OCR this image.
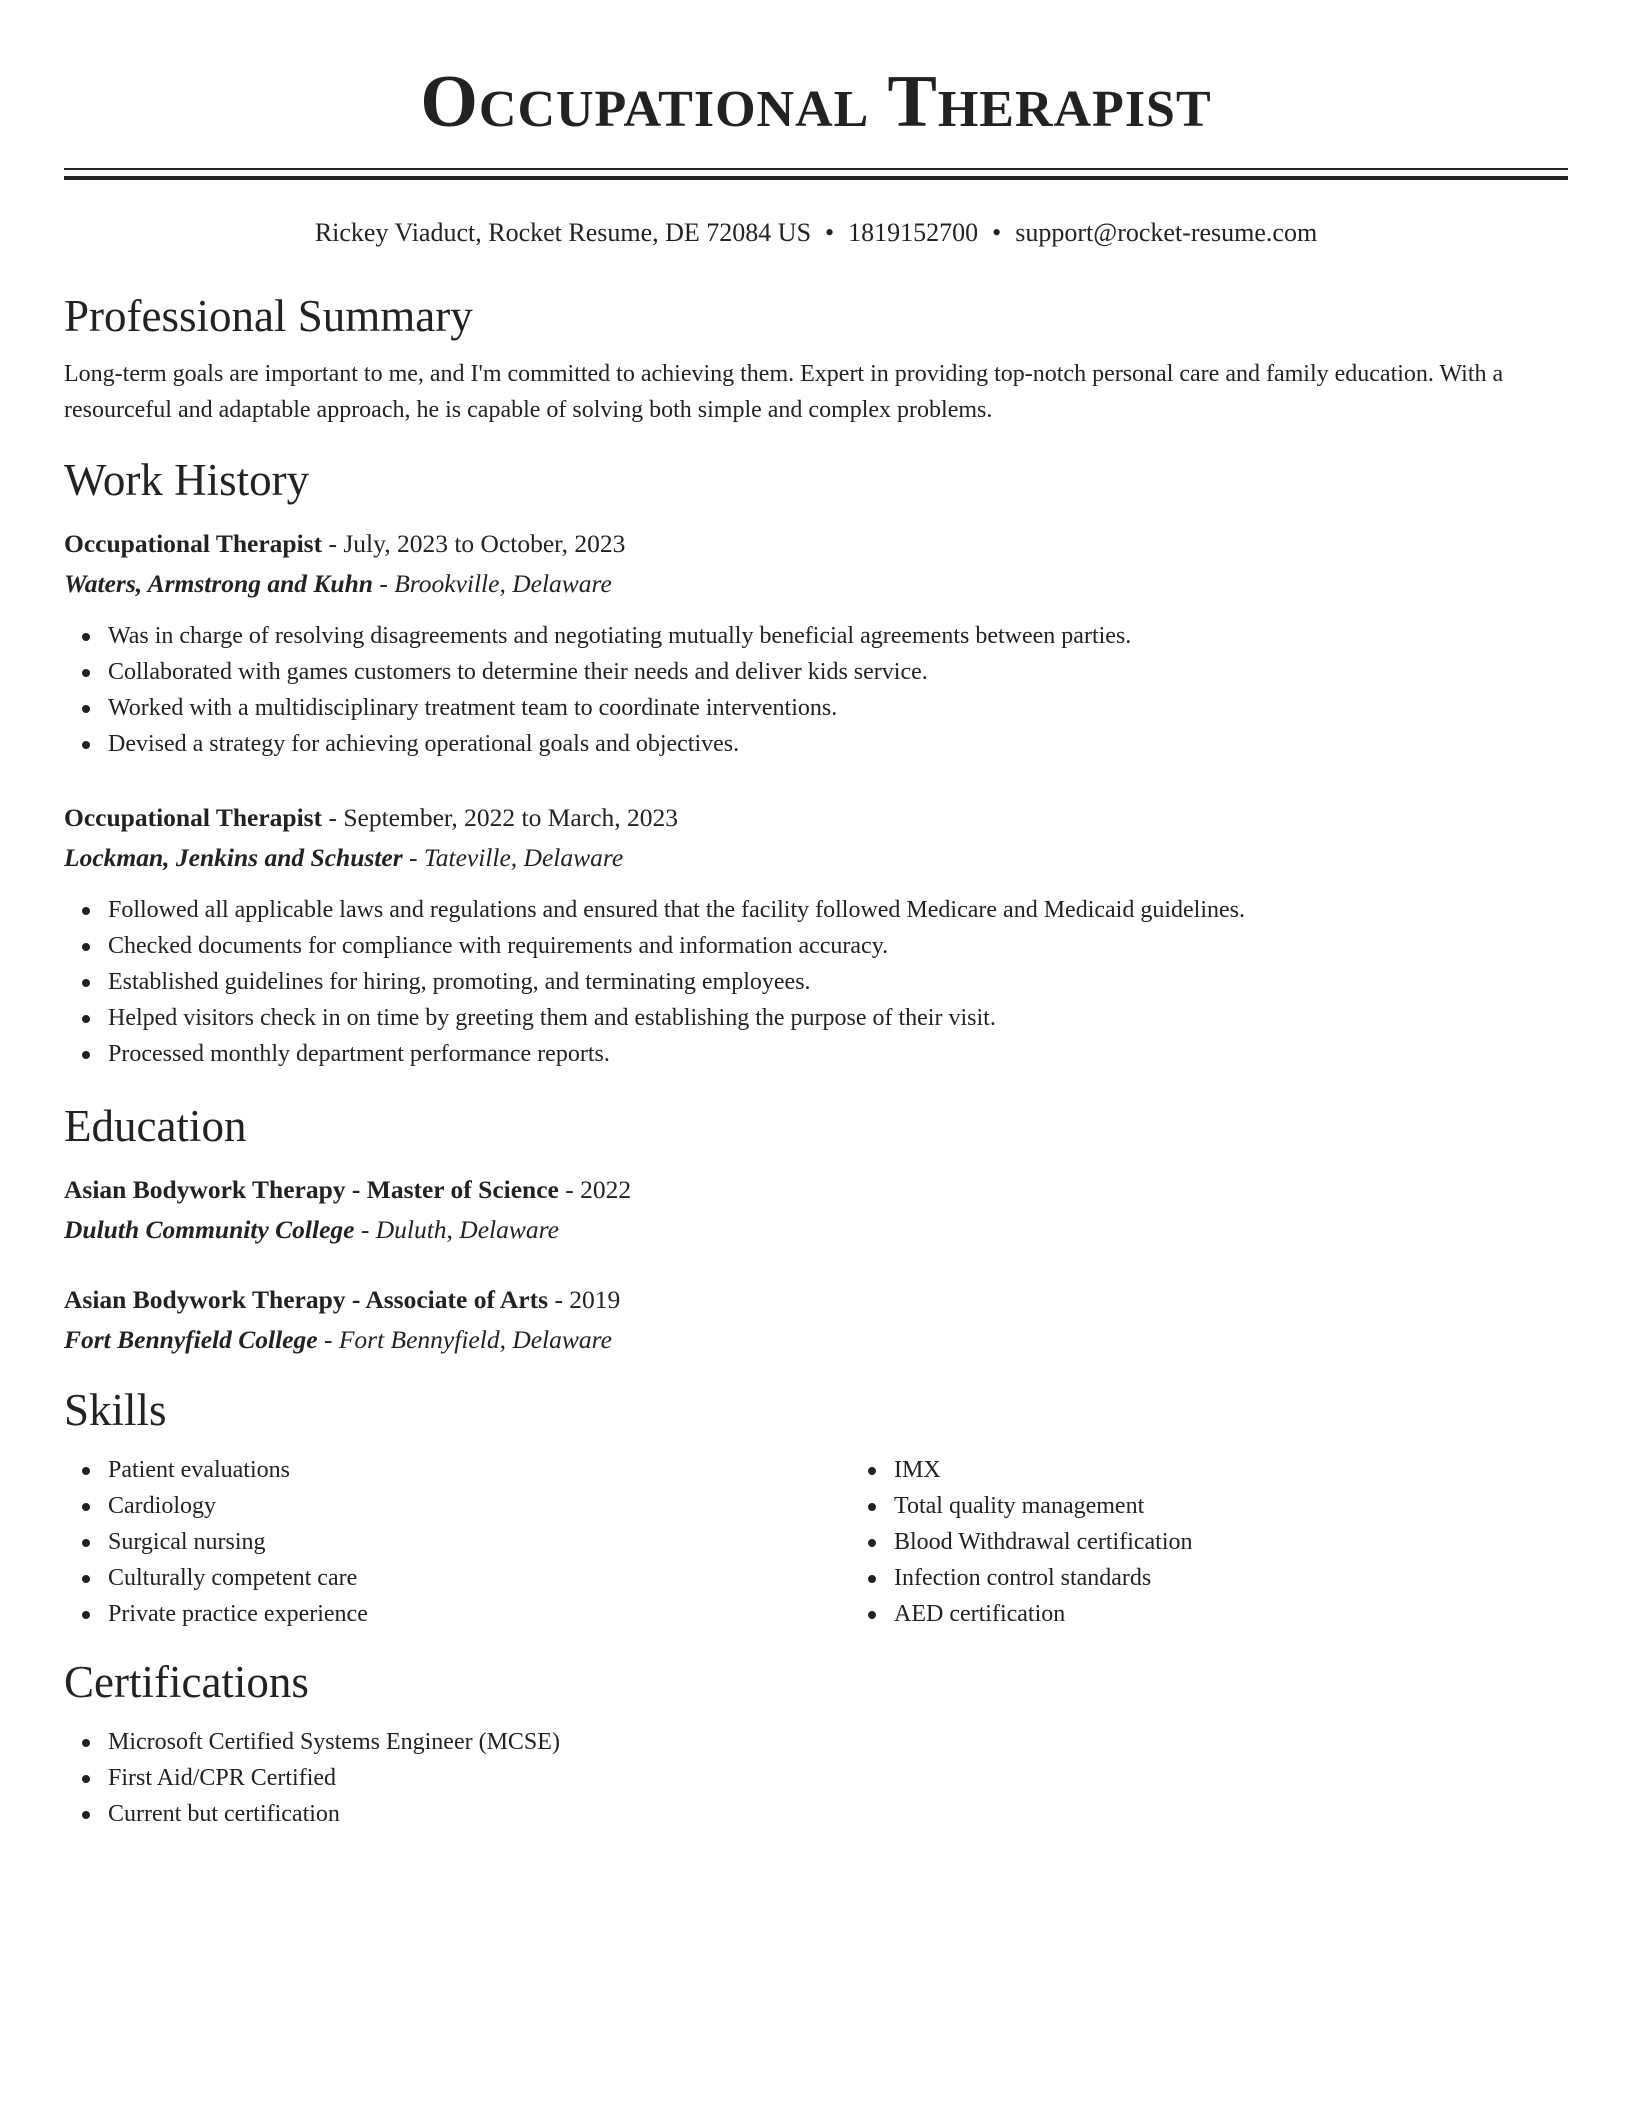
Occupational Therapist
Rickey Viaduct, Rocket Resume, DE 72084 US • 1819152700 • support@rocket-resume.com
Professional Summary
Long-term goals are important to me, and I'm committed to achieving them. Expert in providing top-notch personal care and family education. With a resourceful and adaptable approach, he is capable of solving both simple and complex problems.
Work History
Occupational Therapist - July, 2023 to October, 2023
Waters, Armstrong and Kuhn - Brookville, Delaware
Was in charge of resolving disagreements and negotiating mutually beneficial agreements between parties.
Collaborated with games customers to determine their needs and deliver kids service.
Worked with a multidisciplinary treatment team to coordinate interventions.
Devised a strategy for achieving operational goals and objectives.
Occupational Therapist - September, 2022 to March, 2023
Lockman, Jenkins and Schuster - Tateville, Delaware
Followed all applicable laws and regulations and ensured that the facility followed Medicare and Medicaid guidelines.
Checked documents for compliance with requirements and information accuracy.
Established guidelines for hiring, promoting, and terminating employees.
Helped visitors check in on time by greeting them and establishing the purpose of their visit.
Processed monthly department performance reports.
Education
Asian Bodywork Therapy - Master of Science - 2022
Duluth Community College - Duluth, Delaware
Asian Bodywork Therapy - Associate of Arts - 2019
Fort Bennyfield College - Fort Bennyfield, Delaware
Skills
Patient evaluations
Cardiology
Surgical nursing
Culturally competent care
Private practice experience
IMX
Total quality management
Blood Withdrawal certification
Infection control standards
AED certification
Certifications
Microsoft Certified Systems Engineer (MCSE)
First Aid/CPR Certified
Current but certification
